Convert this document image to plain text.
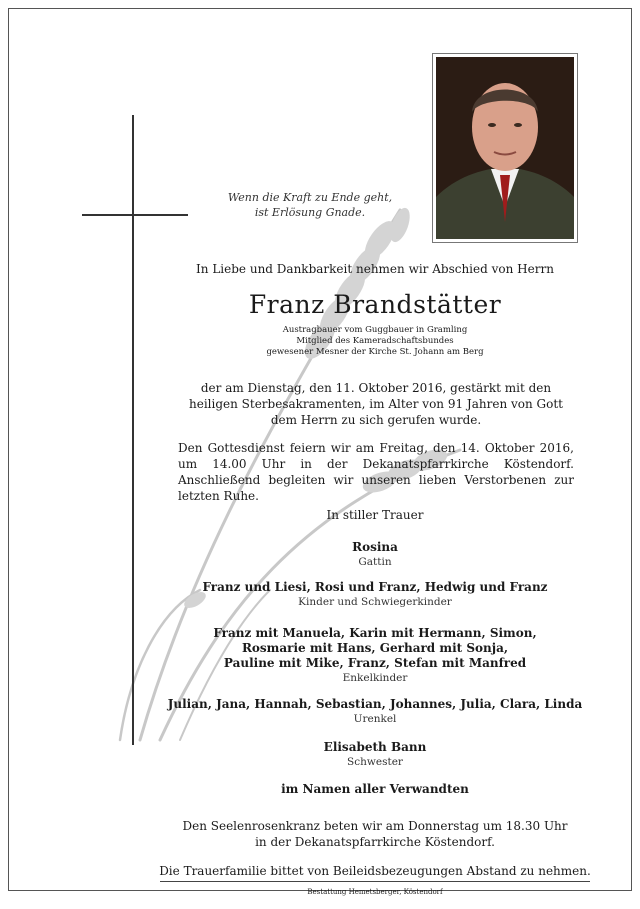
Wenn die Kraft zu Ende geht,
ist Erlösung Gnade.
In Liebe und Dankbarkeit nehmen wir Abschied von Herrn
Franz Brandstätter
Austragbauer vom Guggbauer in Gramling
Mitglied des Kameradschaftsbundes
gewesener Mesner der Kirche St. Johann am Berg
der am Dienstag, den 11. Oktober 2016, gestärkt mit den heiligen Sterbesakramenten, im Alter von 91 Jahren von Gott dem Herrn zu sich gerufen wurde.
Den Gottesdienst feiern wir am Freitag, den 14. Oktober 2016, um 14.00 Uhr in der Dekanatspfarrkirche Köstendorf. Anschließend begleiten wir unseren lieben Verstorbenen zur letzten Ruhe.
In stiller Trauer
Rosina
Gattin
Franz und Liesi, Rosi und Franz, Hedwig und Franz
Kinder und Schwiegerkinder
Franz mit Manuela, Karin mit Hermann, Simon,
Rosmarie mit Hans, Gerhard mit Sonja,
Pauline mit Mike, Franz, Stefan mit Manfred
Enkelkinder
Julian, Jana, Hannah, Sebastian, Johannes, Julia, Clara, Linda
Urenkel
Elisabeth Bann
Schwester
im Namen aller Verwandten
Den Seelenrosenkranz beten wir am Donnerstag um 18.30 Uhr
in der Dekanatspfarrkirche Köstendorf.
Die Trauerfamilie bittet von Beileidsbezeugungen Abstand zu nehmen.
Bestattung Hemetsberger, Köstendorf
